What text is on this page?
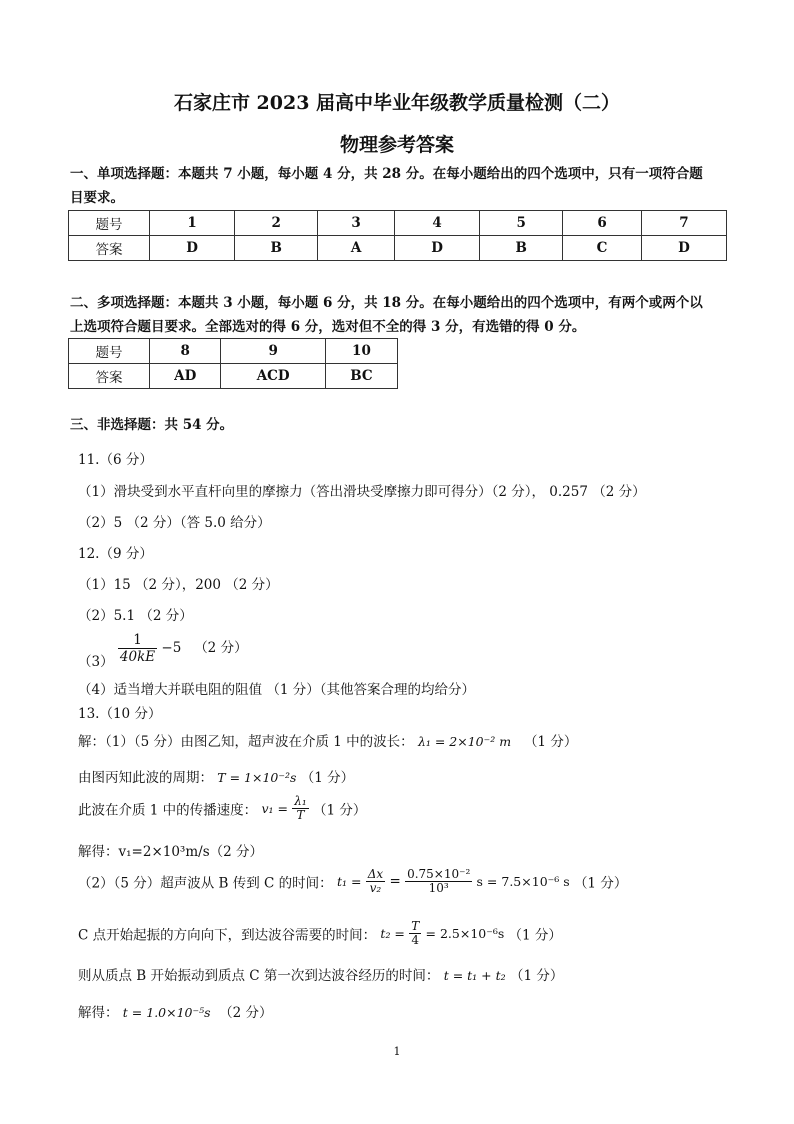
石家庄市 2023 届高中毕业年级教学质量检测（二）
物理参考答案
一、单项选择题：本题共 7 小题，每小题 4 分，共 28 分。在每小题给出的四个选项中，只有一项符合题
目要求。
题号	1	2	3	4	5	6	7
答案	D	B	A	D	B	C	D
二、多项选择题：本题共 3 小题，每小题 6 分，共 18 分。在每小题给出的四个选项中，有两个或两个以
上选项符合题目要求。全部选对的得 6 分，选对但不全的得 3 分，有选错的得 0 分。
题号	8	9	10
答案	AD	ACD	BC
三、非选择题：共 54 分。
11.（6 分）
（1）滑块受到水平直杆向里的摩擦力（答出滑块受摩擦力即可得分）（2 分）， 0.257 （2 分）
（2）5 （2 分）（答 5.0 给分）
12.（9 分）
（1）15 （2 分），200 （2 分）
（2）5.1 （2 分）
$(3) \frac{1}{40kE} -5$ （2 分）
（4）适当增大并联电阻的阻值 （1 分）（其他答案合理的均给分）
13.（10 分）
解：（1）（5 分）由图乙知，超声波在介质 1 中的波长： λ₁ = 2×10⁻² m （1 分）
由图丙知此波的周期： T = 1×10⁻²s （1 分）
此波在介质 1 中的传播速度： $v_1 = \frac{\text{λ₁}}{T} (1$ 分）
解得：v₁=2×10³m/s（2 分）
（2）（5 分）超声波从 B 传到 C 的时间： $t_1 = \frac{\Delta x}{\text{v₂}} = \frac{\text{0.75×10⁻²}}{\text{10³}}$ s = 7.5×10⁻⁶ s （1 分）
C 点开始起振的方向向下，到达波谷需要的时间： $t_2 = \frac{T}{4} = 2.5\times 10^{-6}s$ （1 分）
则从质点 B 开始振动到质点 C 第一次到达波谷经历的时间： t = t₁ + t₂ （1 分）
解得： t = 1.0×10⁻⁵s （2 分）
1
